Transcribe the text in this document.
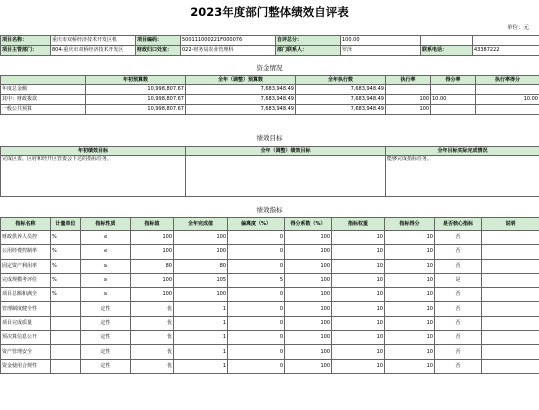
2023年度部门整体绩效自评表
单位：元
项目名称：	重庆市双桥经济技术开发区机	项目编码：	500111000221F000076	自评总分：	100.00		
项目主管部门：	804-重庆市双桥经济技术开发区	财政归口处室：	022-财务局农业管理科	部门联系人：	罗泽	联系电话：	43387222
资金情况
	年初预算数	全年（调整）预算数	全年执行数	执行率	得分率	执行率得分
年度总金额	10,998,807.67	7,683,948.49	7,683,948.49			
其中：财政拨款	10,998,807.67	7,683,948.49	7,683,948.49	100	10.00	10.00
一般公共预算	10,998,807.67	7,683,948.49	7,683,948.49	100		
绩效目标
年初绩效目标	全年（调整）绩效目标	全年目标实际完成情况
完成区委、区府和经开区管委会下达的指标任务。		能够完成指标任务。
绩效指标
指标名称	计量单位	指标性质	指标值	全年完成值	偏离度（%）	得分系数（%）	指标权重	指标得分	是否核心指标	说明
财政供养人员控	%	≤	100	100	0	100	10	10	否	
公用经费控制率	%	≤	100	100	0	100	10	10	否	
固定资产利用率	%	≥	80	80	0	100	10	10	否	
完成规模考评任	%	≥	100	105	5	100	10	10	是	
项目总额和满全	%	≥	100	100	0	100	10	10	否	
管理制度健全性		定性	优	1	0	100	10	10	否	
项目完成质量		定性	优	1	0	100	10	10	否	
预决算信息公开		定性	优	1	0	100	10	10	否	
资产管理安全		定性	优	1	0	100	10	10	否	
资金使用合规性		定性	优	1	0	100	10	10	否	
